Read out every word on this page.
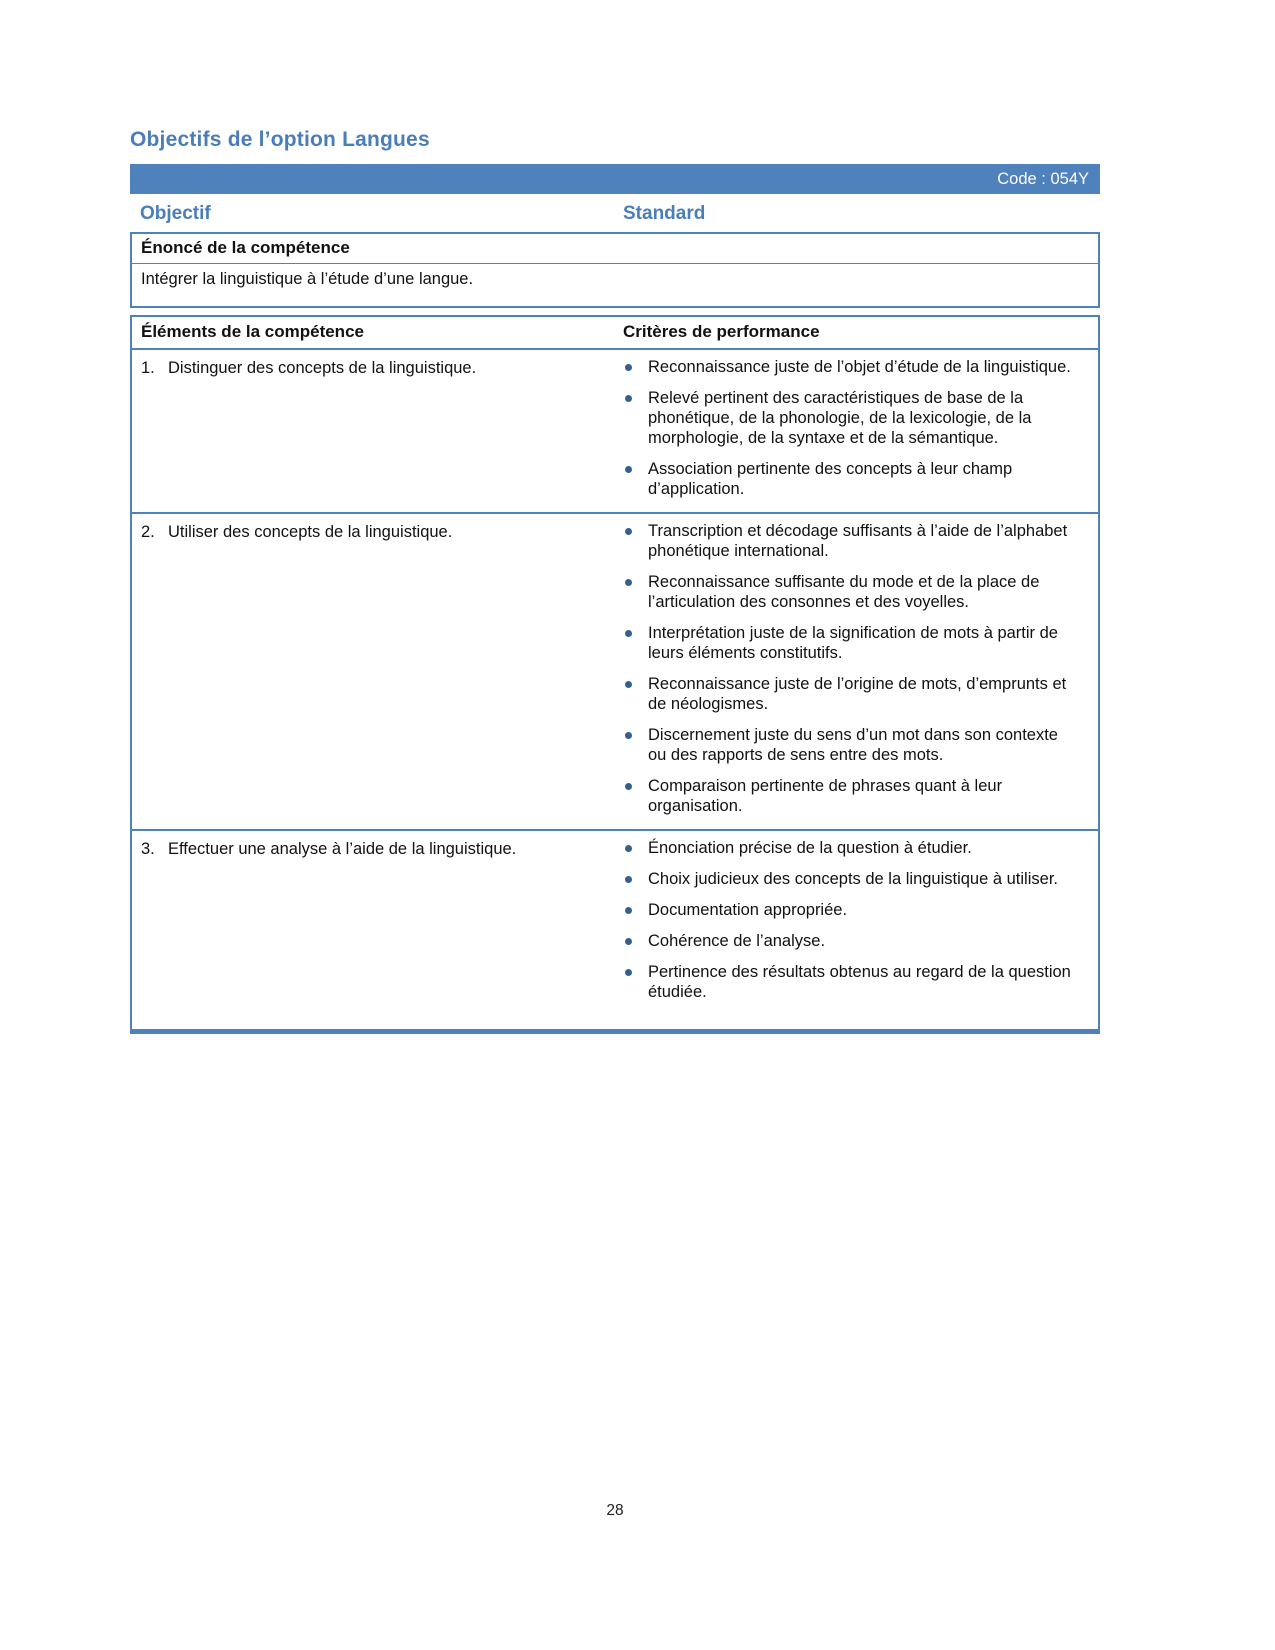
Objectifs de l’option Langues
Code : 054Y
Objectif	Standard
Énoncé de la compétence
Intégrer la linguistique à l’étude d’une langue.
Éléments de la compétence	Critères de performance
1. Distinguer des concepts de la linguistique.	Reconnaissance juste de l’objet d’étude de la linguistique.
Relevé pertinent des caractéristiques de base de la phonétique, de la phonologie, de la lexicologie, de la morphologie, de la syntaxe et de la sémantique.
Association pertinente des concepts à leur champ d’application.
2. Utiliser des concepts de la linguistique.	Transcription et décodage suffisants à l’aide de l’alphabet phonétique international.
Reconnaissance suffisante du mode et de la place de l’articulation des consonnes et des voyelles.
Interprétation juste de la signification de mots à partir de leurs éléments constitutifs.
Reconnaissance juste de l’origine de mots, d’emprunts et de néologismes.
Discernement juste du sens d’un mot dans son contexte ou des rapports de sens entre des mots.
Comparaison pertinente de phrases quant à leur organisation.
3. Effectuer une analyse à l’aide de la linguistique.	Énonciation précise de la question à étudier.
Choix judicieux des concepts de la linguistique à utiliser.
Documentation appropriée.
Cohérence de l’analyse.
Pertinence des résultats obtenus au regard de la question étudiée.
28
